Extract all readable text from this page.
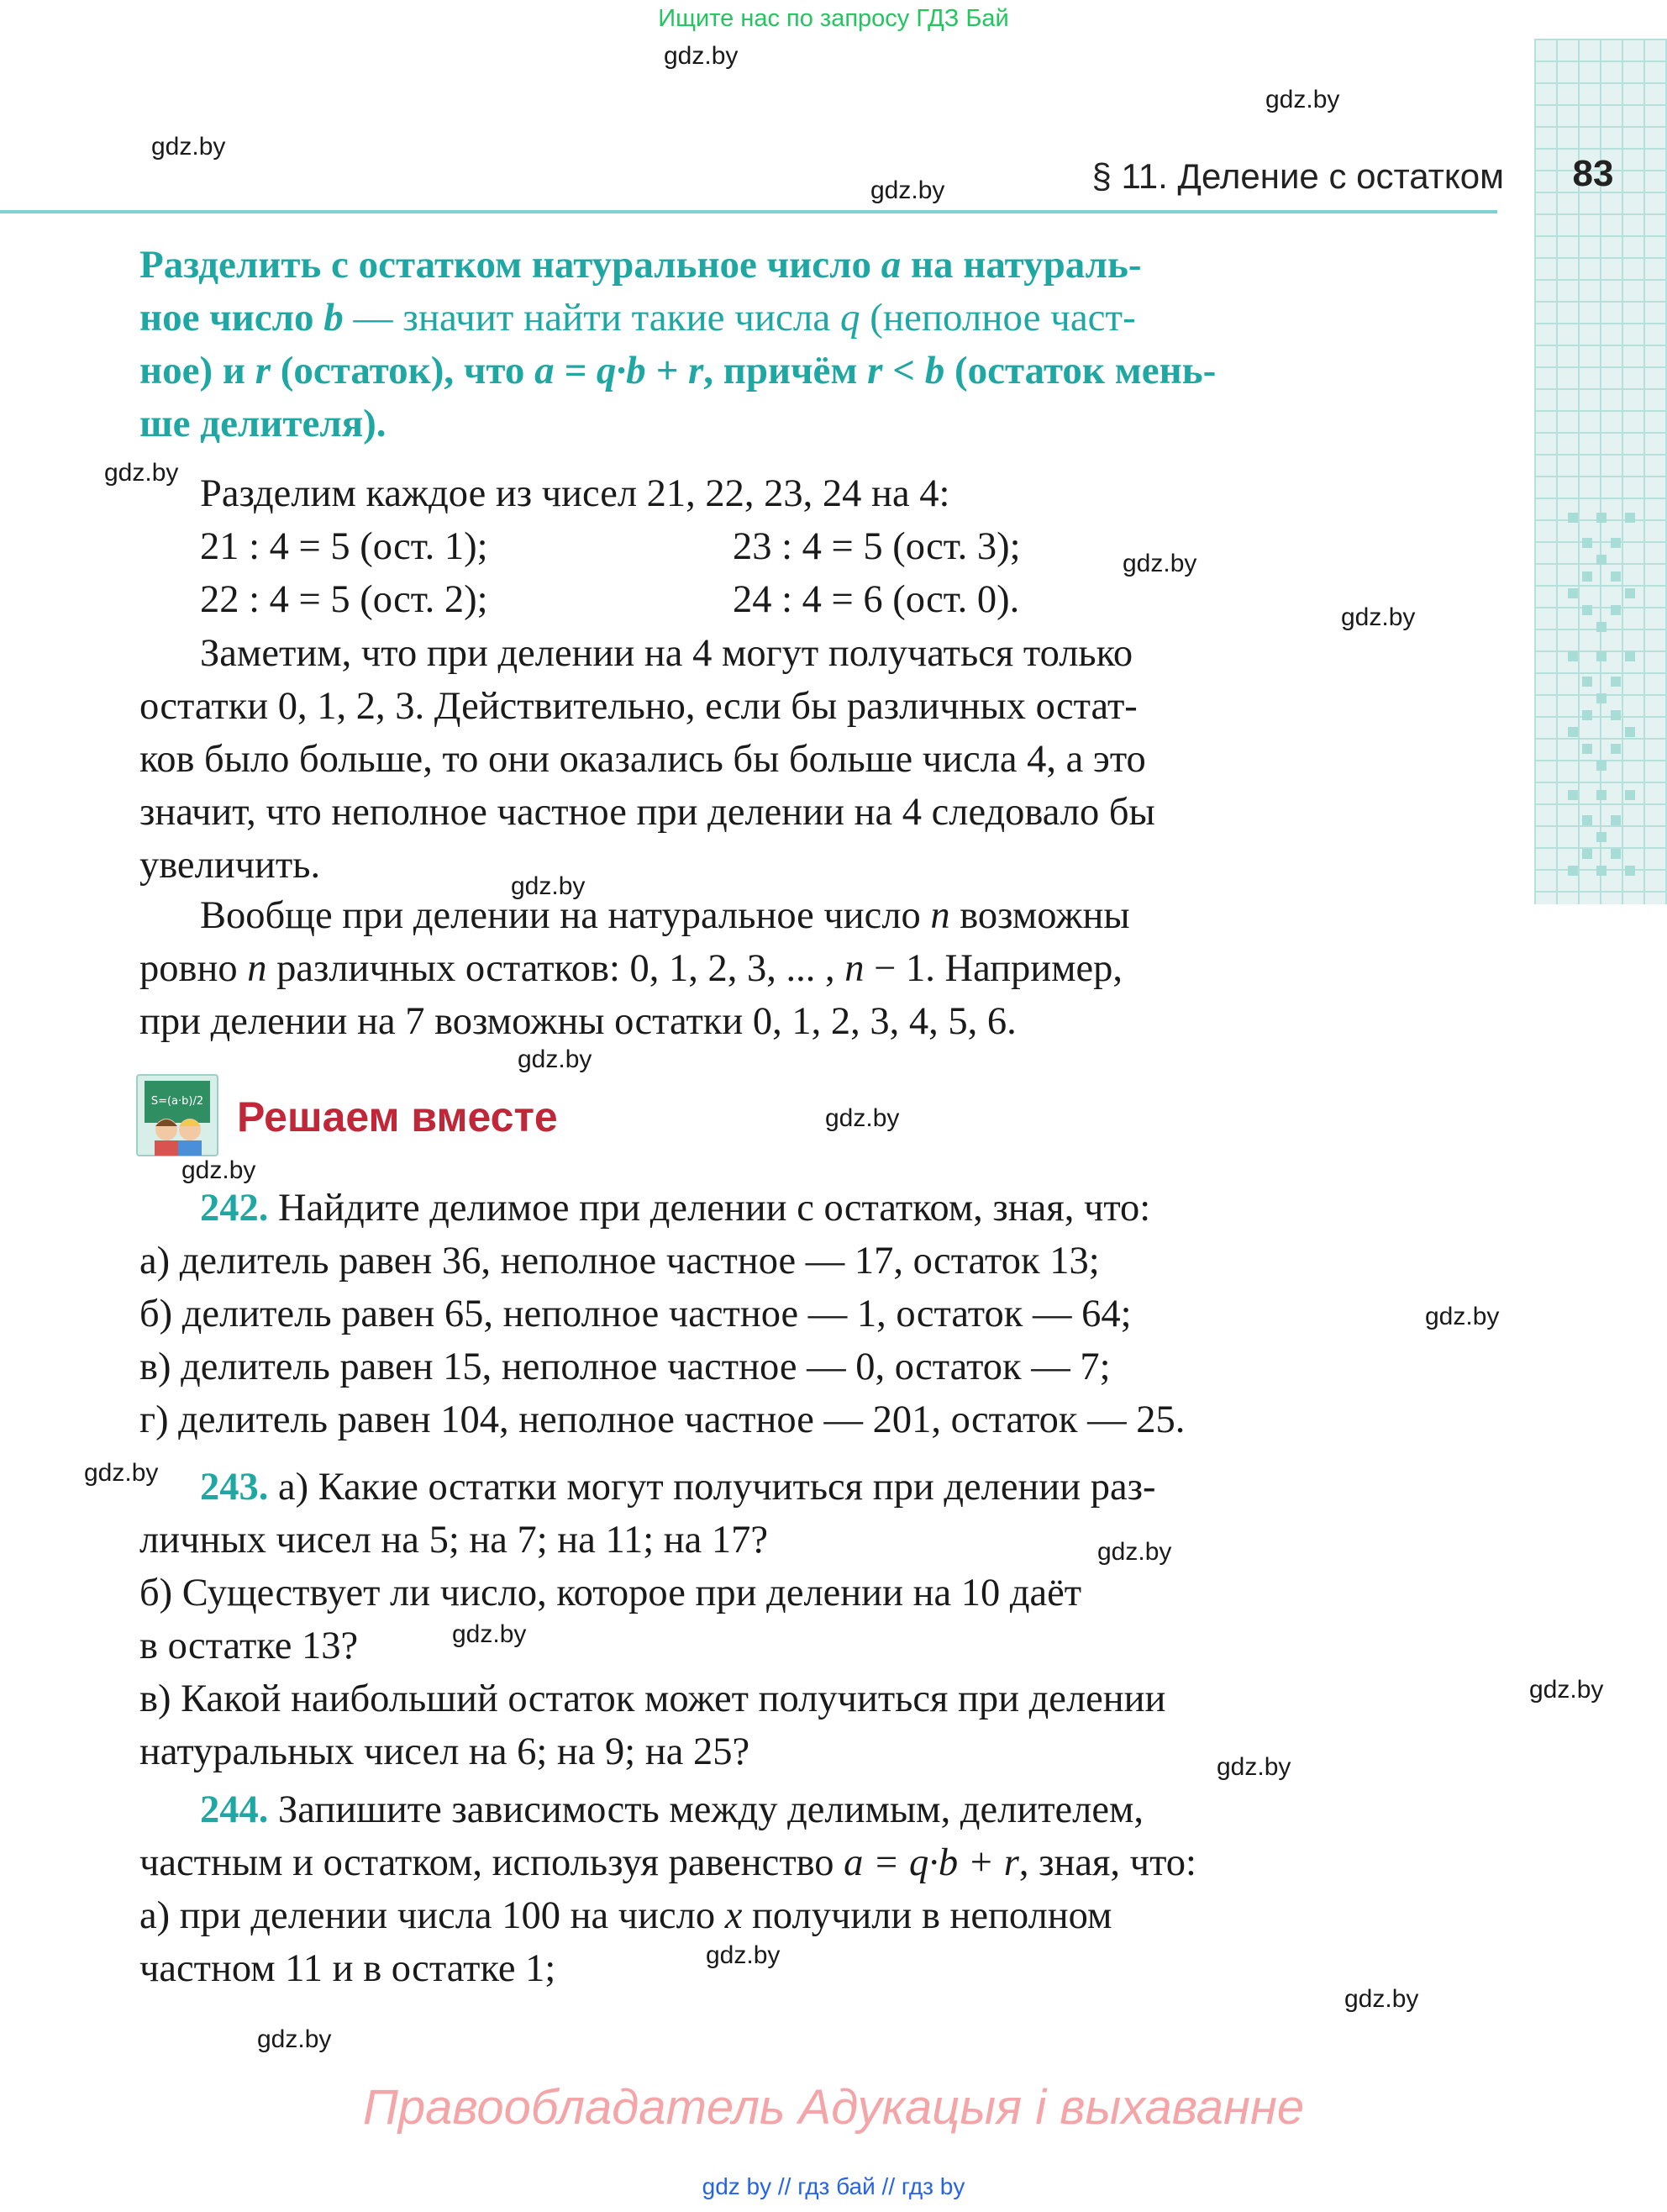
Ищите нас по запросу ГДЗ Бай
gdz.by
gdz.by
gdz.by
gdz.by
gdz.by
gdz.by
gdz.by
gdz.by
gdz.by
gdz.by
gdz.by
gdz.by
gdz.by
gdz.by
gdz.by
gdz.by
gdz.by
gdz.by
gdz.by
gdz.by
§ 11. Деление с остатком	83
Разделить с остатком натуральное число a на натураль-
ное число b — значит найти такие числа q (неполное част-
ное) и r (остаток), что a = q·b + r, причём r < b (остаток мень-
ше делителя).
Разделим каждое из чисел 21, 22, 23, 24 на 4:
21 : 4 = 5 (ост. 1);
22 : 4 = 5 (ост. 2);
23 : 4 = 5 (ост. 3);
24 : 4 = 6 (ост. 0).
Заметим, что при делении на 4 могут получаться только
остатки 0, 1, 2, 3. Действительно, если бы различных остат-
ков было больше, то они оказались бы больше числа 4, а это
значит, что неполное частное при делении на 4 следовало бы
увеличить.
Вообще при делении на натуральное число n возможны
ровно n различных остатков: 0, 1, 2, 3, ... , n − 1. Например,
при делении на 7 возможны остатки 0, 1, 2, 3, 4, 5, 6.
S=(a·b)/2 Решаем вместе
242. Найдите делимое при делении с остатком, зная, что:
а) делитель равен 36, неполное частное — 17, остаток 13;
б) делитель равен 65, неполное частное — 1, остаток — 64;
в) делитель равен 15, неполное частное — 0, остаток — 7;
г) делитель равен 104, неполное частное — 201, остаток — 25.
243. а) Какие остатки могут получиться при делении раз-
личных чисел на 5; на 7; на 11; на 17?
б) Существует ли число, которое при делении на 10 даёт
в остатке 13?
в) Какой наибольший остаток может получиться при делении
натуральных чисел на 6; на 9; на 25?
244. Запишите зависимость между делимым, делителем,
частным и остатком, используя равенство a = q·b + r, зная, что:
а) при делении числа 100 на число x получили в неполном
частном 11 и в остатке 1;
Правообладатель Адукацыя і выхаванне
gdz by // гдз бай // гдз by
